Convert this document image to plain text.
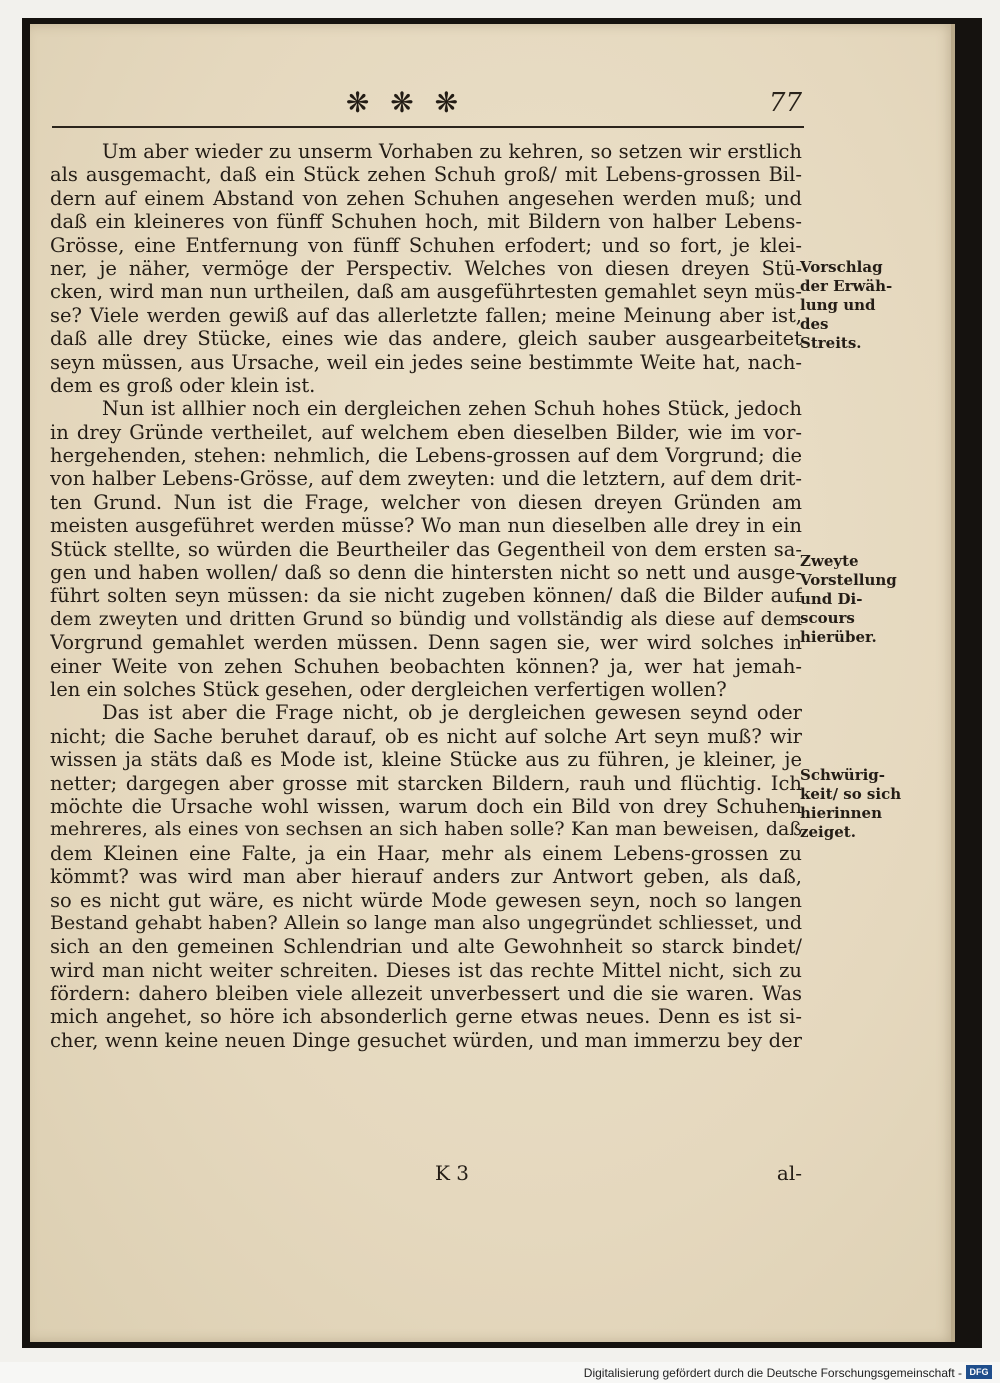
❋ ❋ ❋	77
Um aber wieder zu unserm Vorhaben zu kehren, so setzen wir erstlich
als ausgemacht, daß ein Stück zehen Schuh groß/ mit Lebens-grossen Bil-
dern auf einem Abstand von zehen Schuhen angesehen werden muß; und
daß ein kleineres von fünff Schuhen hoch, mit Bildern von halber Lebens-
Grösse, eine Entfernung von fünff Schuhen erfodert; und so fort, je klei-
ner, je näher, vermöge der Perspectiv. Welches von diesen dreyen Stü-
cken, wird man nun urtheilen, daß am ausgeführtesten gemahlet seyn müs-
se? Viele werden gewiß auf das allerletzte fallen; meine Meinung aber ist,
daß alle drey Stücke, eines wie das andere, gleich sauber ausgearbeitet
seyn müssen, aus Ursache, weil ein jedes seine bestimmte Weite hat, nach-
dem es groß oder klein ist.
Nun ist allhier noch ein dergleichen zehen Schuh hohes Stück, jedoch
in drey Gründe vertheilet, auf welchem eben dieselben Bilder, wie im vor-
hergehenden, stehen: nehmlich, die Lebens-grossen auf dem Vorgrund; die
von halber Lebens-Grösse, auf dem zweyten: und die letztern, auf dem drit-
ten Grund. Nun ist die Frage, welcher von diesen dreyen Gründen am
meisten ausgeführet werden müsse? Wo man nun dieselben alle drey in ein
Stück stellte, so würden die Beurtheiler das Gegentheil von dem ersten sa-
gen und haben wollen/ daß so denn die hintersten nicht so nett und ausge-
führt solten seyn müssen: da sie nicht zugeben können/ daß die Bilder auf
dem zweyten und dritten Grund so bündig und vollständig als diese auf dem
Vorgrund gemahlet werden müssen. Denn sagen sie, wer wird solches in
einer Weite von zehen Schuhen beobachten können? ja, wer hat jemah-
len ein solches Stück gesehen, oder dergleichen verfertigen wollen?
Das ist aber die Frage nicht, ob je dergleichen gewesen seynd oder
nicht; die Sache beruhet darauf, ob es nicht auf solche Art seyn muß? wir
wissen ja stäts daß es Mode ist, kleine Stücke aus zu führen, je kleiner, je
netter; dargegen aber grosse mit starcken Bildern, rauh und flüchtig. Ich
möchte die Ursache wohl wissen, warum doch ein Bild von drey Schuhen
mehreres, als eines von sechsen an sich haben solle? Kan man beweisen, daß
dem Kleinen eine Falte, ja ein Haar, mehr als einem Lebens-grossen zu
kömmt? was wird man aber hierauf anders zur Antwort geben, als daß,
so es nicht gut wäre, es nicht würde Mode gewesen seyn, noch so langen
Bestand gehabt haben? Allein so lange man also ungegründet schliesset, und
sich an den gemeinen Schlendrian und alte Gewohnheit so starck bindet/
wird man nicht weiter schreiten. Dieses ist das rechte Mittel nicht, sich zu
fördern: dahero bleiben viele allezeit unverbessert und die sie waren. Was
mich angehet, so höre ich absonderlich gerne etwas neues. Denn es ist si-
cher, wenn keine neuen Dinge gesuchet würden, und man immerzu bey der
Vorschlag
der Erwäh-
lung und
des
Streits.
Zweyte
Vorstellung
und Di-
scours
hierüber.
Schwürig-
keit/ so sich
hierinnen
zeiget.
K 3	al-
Digitalisierung gefördert durch die Deutsche Forschungsgemeinschaft - DFG
